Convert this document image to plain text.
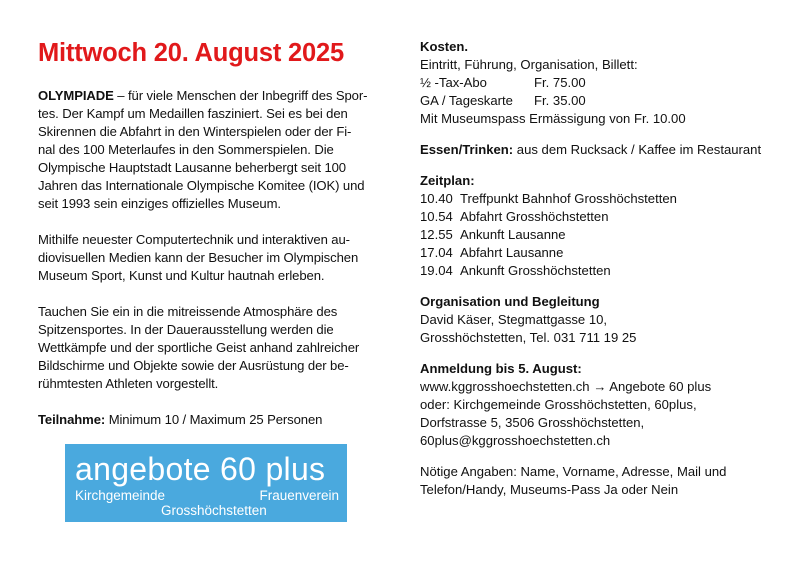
Mittwoch 20. August 2025

OLYMPIADE – für viele Menschen der Inbegriff des Spor-
tes. Der Kampf um Medaillen fasziniert. Sei es bei den
Skirennen die Abfahrt in den Winterspielen oder der Fi-
nal des 100 Meterlaufes in den Sommerspielen. Die
Olympische Hauptstadt Lausanne beherbergt seit 100
Jahren das Internationale Olympische Komitee (IOK) und
seit 1993 sein einziges offizielles Museum.

Mithilfe neuester Computertechnik und interaktiven au-
diovisuellen Medien kann der Besucher im Olympischen
Museum Sport, Kunst und Kultur hautnah erleben.

Tauchen Sie ein in die mitreissende Atmosphäre des
Spitzensportes. In der Dauerausstellung werden die
Wettkämpfe und der sportliche Geist anhand zahlreicher
Bildschirme und Objekte sowie der Ausrüstung der be-
rühmtesten Athleten vorgestellt.

Teilnahme: Minimum 10 / Maximum 25 Personen

angebote 60 plus
Kirchgemeinde	Frauenverein
Grosshöchstetten
Kosten.
Eintritt, Führung, Organisation, Billett:
½ -Tax-Abo	Fr. 75.00
GA / Tageskarte Fr. 35.00
Mit Museumspass Ermässigung von Fr. 10.00
Essen/Trinken: aus dem Rucksack / Kaffee im Restaurant
Zeitplan:
10.40 Treffpunkt Bahnhof Grosshöchstetten
10.54 Abfahrt Grosshöchstetten
12.55 Ankunft Lausanne
17.04 Abfahrt Lausanne
19.04 Ankunft Grosshöchstetten
Organisation und Begleitung
David Käser, Stegmattgasse 10,
Grosshöchstetten, Tel. 031 711 19 25
Anmeldung bis 5. August:
www.kggrosshoechstetten.ch → Angebote 60 plus
oder: Kirchgemeinde Grosshöchstetten, 60plus,
Dorfstrasse 5, 3506 Grosshöchstetten,
60plus@kggrosshoechstetten.ch
Nötige Angaben: Name, Vorname, Adresse, Mail und
Telefon/Handy, Museums-Pass Ja oder Nein
